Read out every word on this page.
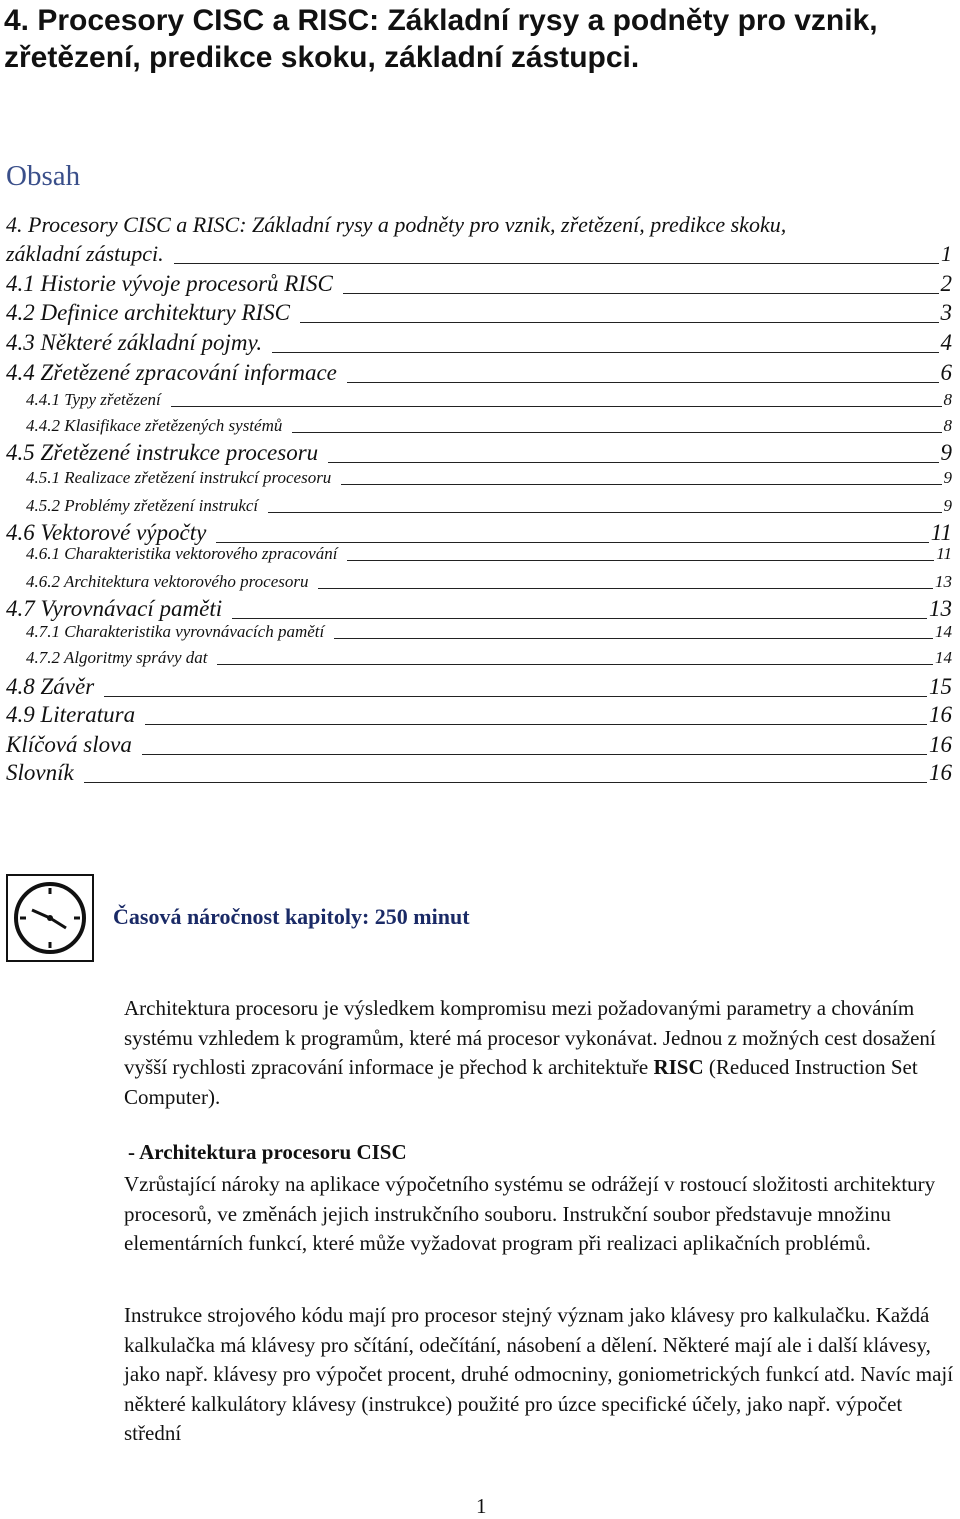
4. Procesory CISC a RISC: Základní rysy a podněty pro vznik, zřetězení, predikce skoku, základní zástupci.
Obsah
4. Procesory CISC a RISC: Základní rysy a podněty pro vznik, zřetězení, predikce skoku,
základní zástupci.	1
4.1 Historie vývoje procesorů RISC	2
4.2 Definice architektury RISC	3
4.3 Některé základní pojmy.	4
4.4 Zřetězené zpracování informace	6
4.4.1 Typy zřetězení	8
4.4.2 Klasifikace zřetězených systémů	8
4.5 Zřetězené instrukce procesoru	9
4.5.1 Realizace zřetězení instrukcí procesoru	9
4.5.2 Problémy zřetězení instrukcí	9
4.6 Vektorové výpočty	11
4.6.1 Charakteristika vektorového zpracování	11
4.6.2 Architektura vektorového procesoru	13
4.7 Vyrovnávací paměti	13
4.7.1 Charakteristika vyrovnávacích pamětí	14
4.7.2 Algoritmy správy dat	14
4.8 Závěr	15
4.9 Literatura	16
Klíčová slova	16
Slovník	16
Časová náročnost kapitoly: 250 minut

Architektura procesoru je výsledkem kompromisu mezi požadovanými parametry a chováním systému vzhledem k programům, které má procesor vykonávat. Jednou z možných cest dosažení vyšší rychlosti zpracování informace je přechod k architektuře RISC (Reduced Instruction Set Computer).

- Architektura procesoru CISC

Vzrůstající nároky na aplikace výpočetního systému se odrážejí v rostoucí složitosti architektury procesorů, ve změnách jejich instrukčního souboru. Instrukční soubor představuje množinu elementárních funkcí, které může vyžadovat program při realizaci aplikačních problémů.

Instrukce strojového kódu mají pro procesor stejný význam jako klávesy pro kalkulačku. Každá kalkulačka má klávesy pro sčítání, odečítání, násobení a dělení. Některé mají ale i další klávesy, jako např. klávesy pro výpočet procent, druhé odmocniny, goniometrických funkcí atd. Navíc mají některé kalkulátory klávesy (instrukce) použité pro úzce specifické účely, jako např. výpočet střední

1
